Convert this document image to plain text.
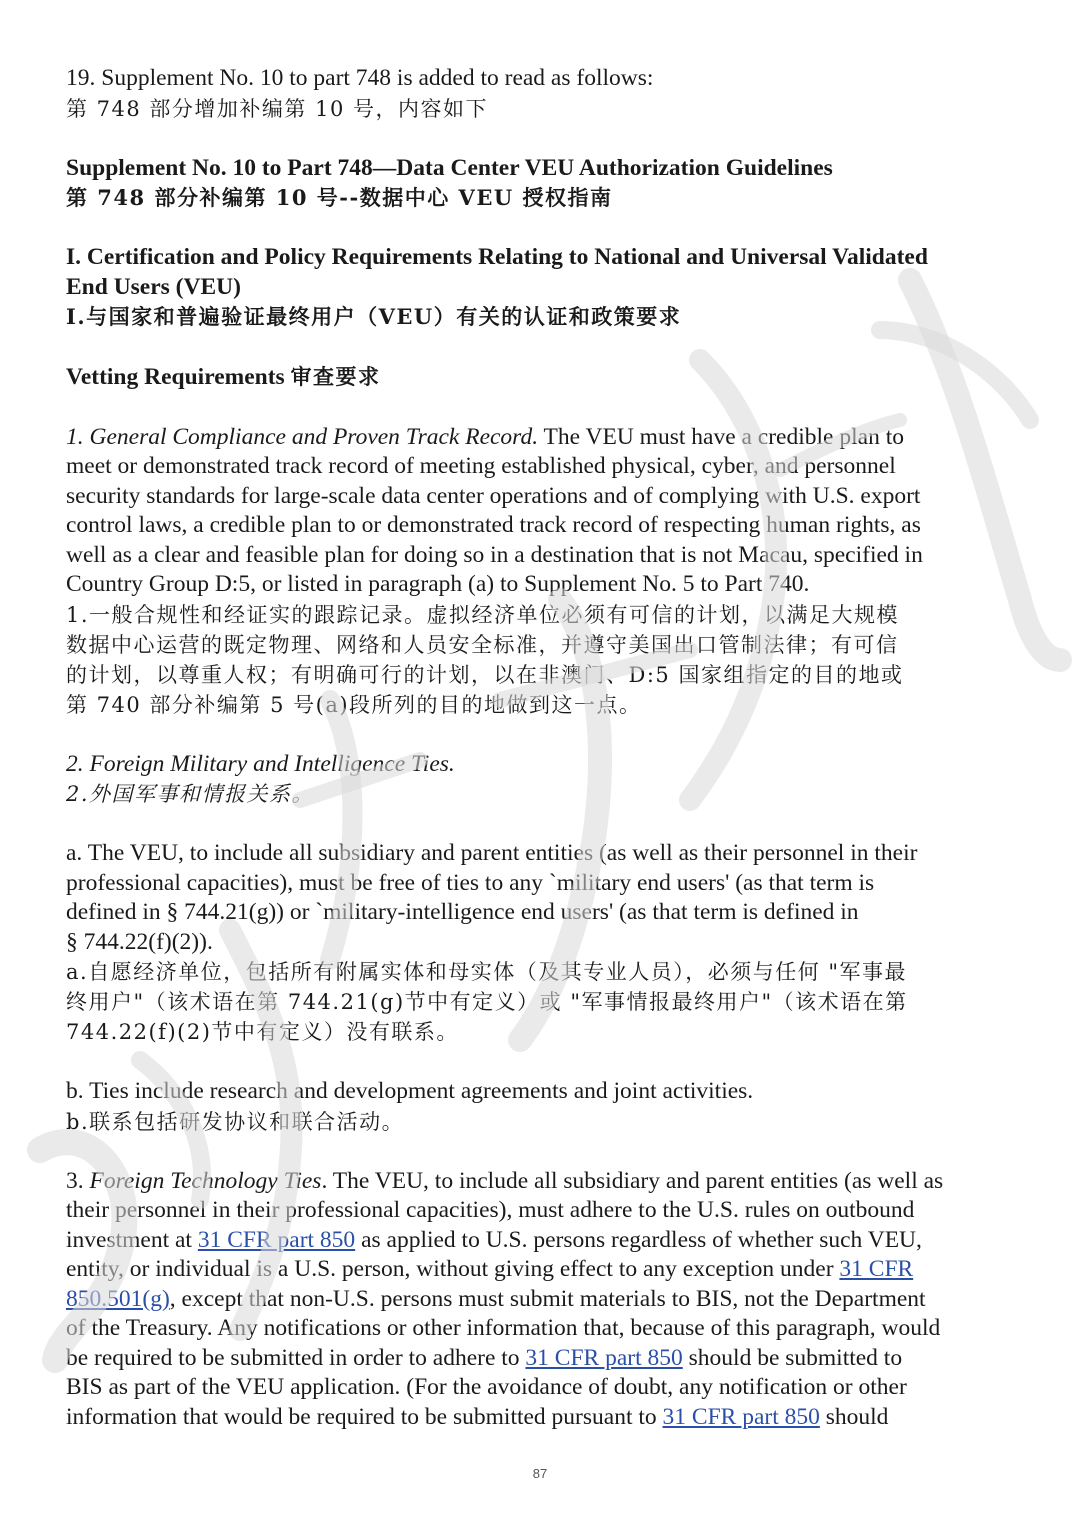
19. Supplement No. 10 to part 748 is added to read as follows:
第 748 部分增加补编第 10 号，内容如下
Supplement No. 10 to Part 748—Data Center VEU Authorization Guidelines
第 748 部分补编第 10 号--数据中心 VEU 授权指南
I. Certification and Policy Requirements Relating to National and Universal Validated
End Users (VEU)
I.与国家和普遍验证最终用户（VEU）有关的认证和政策要求
Vetting Requirements 审查要求
1. General Compliance and Proven Track Record. The VEU must have a credible plan to
meet or demonstrated track record of meeting established physical, cyber, and personnel
security standards for large-scale data center operations and of complying with U.S. export
control laws, a credible plan to or demonstrated track record of respecting human rights, as
well as a clear and feasible plan for doing so in a destination that is not Macau, specified in
Country Group D:5, or listed in paragraph (a) to Supplement No. 5 to Part 740.
1.一般合规性和经证实的跟踪记录。虚拟经济单位必须有可信的计划，以满足大规模
数据中心运营的既定物理、网络和人员安全标准，并遵守美国出口管制法律；有可信
的计划，以尊重人权；有明确可行的计划，以在非澳门、D:5 国家组指定的目的地或
第 740 部分补编第 5 号(a)段所列的目的地做到这一点。
2. Foreign Military and Intelligence Ties.
2.外国军事和情报关系。
a. The VEU, to include all subsidiary and parent entities (as well as their personnel in their
professional capacities), must be free of ties to any `military end users' (as that term is
defined in § 744.21(g)) or `military-intelligence end users' (as that term is defined in
§ 744.22(f)(2)).
a.自愿经济单位，包括所有附属实体和母实体（及其专业人员），必须与任何 "军事最
终用户"（该术语在第 744.21(g)节中有定义）或 "军事情报最终用户"（该术语在第
744.22(f)(2)节中有定义）没有联系。
b. Ties include research and development agreements and joint activities.
b.联系包括研发协议和联合活动。
3. Foreign Technology Ties. The VEU, to include all subsidiary and parent entities (as well as
their personnel in their professional capacities), must adhere to the U.S. rules on outbound
investment at 31 CFR part 850 as applied to U.S. persons regardless of whether such VEU,
entity, or individual is a U.S. person, without giving effect to any exception under 31 CFR
850.501(g), except that non-U.S. persons must submit materials to BIS, not the Department
of the Treasury. Any notifications or other information that, because of this paragraph, would
be required to be submitted in order to adhere to 31 CFR part 850 should be submitted to
BIS as part of the VEU application. (For the avoidance of doubt, any notification or other
information that would be required to be submitted pursuant to 31 CFR part 850 should
87
